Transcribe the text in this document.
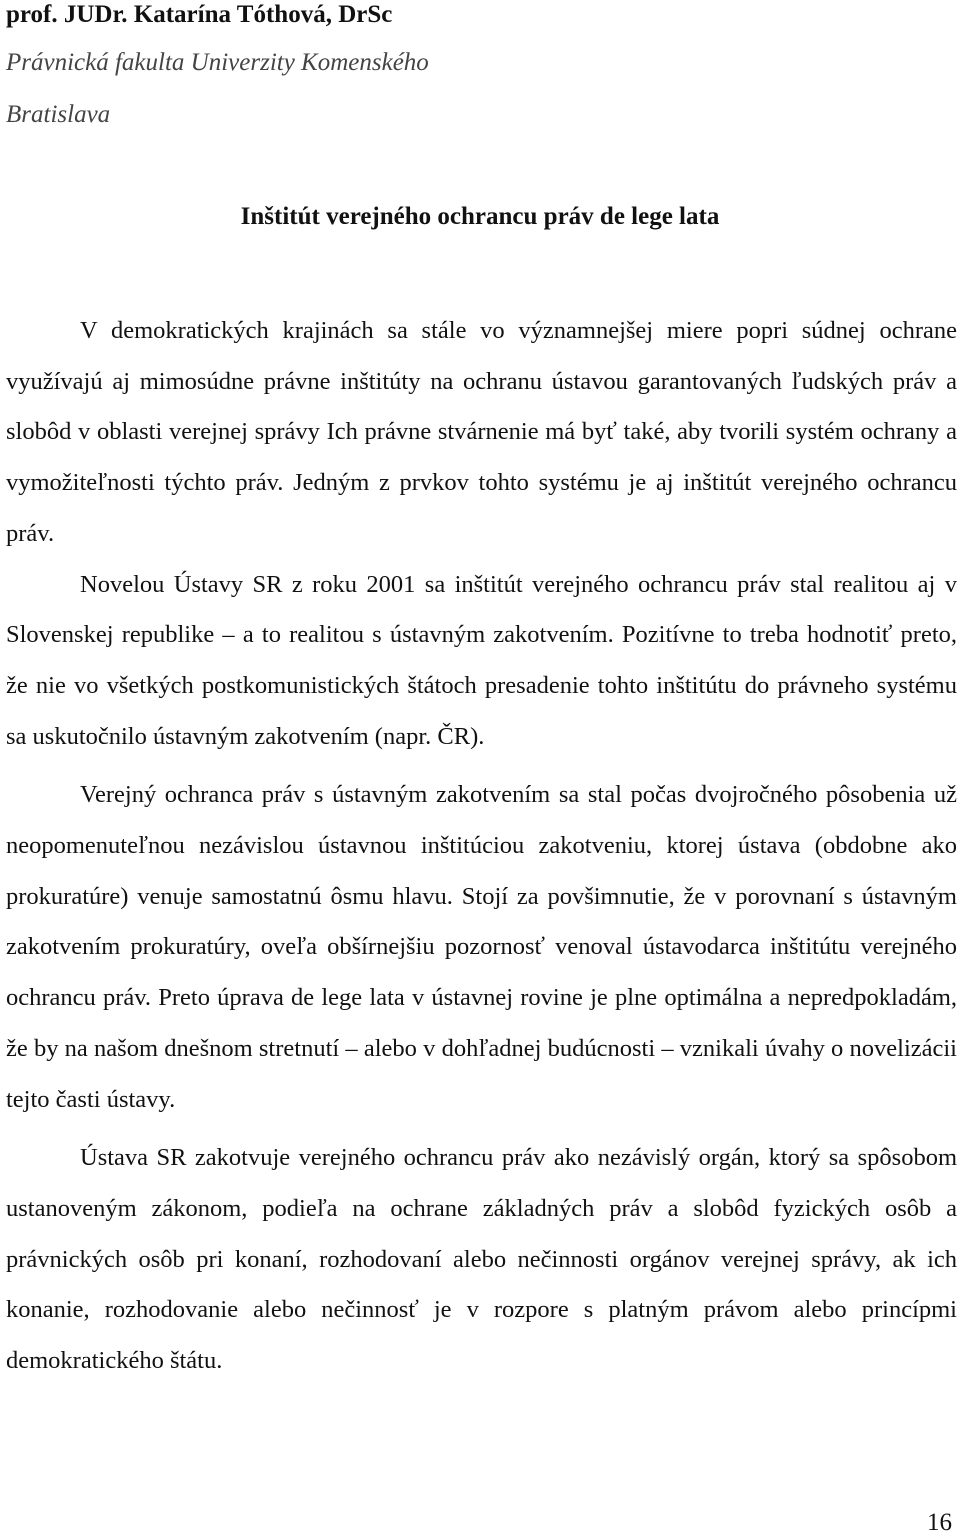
prof. JUDr. Katarína Tóthová, DrSc
Právnická fakulta Univerzity Komenského
Bratislava
Inštitút verejného ochrancu práv de lege lata

V demokratických krajinách sa stále vo významnejšej miere popri súdnej ochrane využívajú aj mimosúdne právne inštitúty na ochranu ústavou garantovaných ľudských práv a slobôd v oblasti verejnej správy Ich právne stvárnenie má byť také, aby tvorili systém ochrany a vymožiteľnosti týchto práv. Jedným z prvkov tohto systému je aj inštitút verejného ochrancu práv.

Novelou Ústavy SR z roku 2001 sa inštitút verejného ochrancu práv stal realitou aj v Slovenskej republike – a to realitou s ústavným zakotvením. Pozitívne to treba hodnotiť preto, že nie vo všetkých postkomunistických štátoch presadenie tohto inštitútu do právneho systému sa uskutočnilo ústavným zakotvením (napr. ČR).

Verejný ochranca práv s ústavným zakotvením sa stal počas dvojročného pôsobenia už neopomenuteľnou nezávislou ústavnou inštitúciou zakotveniu, ktorej ústava (obdobne ako prokuratúre) venuje samostatnú ôsmu hlavu. Stojí za povšimnutie, že v porovnaní s ústavným zakotvením prokuratúry, oveľa obšírnejšiu pozornosť venoval ústavodarca inštitútu verejného ochrancu práv. Preto úprava de lege lata v ústavnej rovine je plne optimálna a nepredpokladám, že by na našom dnešnom stretnutí – alebo v dohľadnej budúcnosti – vznikali úvahy o novelizácii tejto časti ústavy.

Ústava SR zakotvuje verejného ochrancu práv ako nezávislý orgán, ktorý sa spôsobom ustanoveným zákonom, podieľa na ochrane základných práv a slobôd fyzických osôb a právnických osôb pri konaní, rozhodovaní alebo nečinnosti orgánov verejnej správy, ak ich konanie, rozhodovanie alebo nečinnosť je v rozpore s platným právom alebo princípmi demokratického štátu.

16
